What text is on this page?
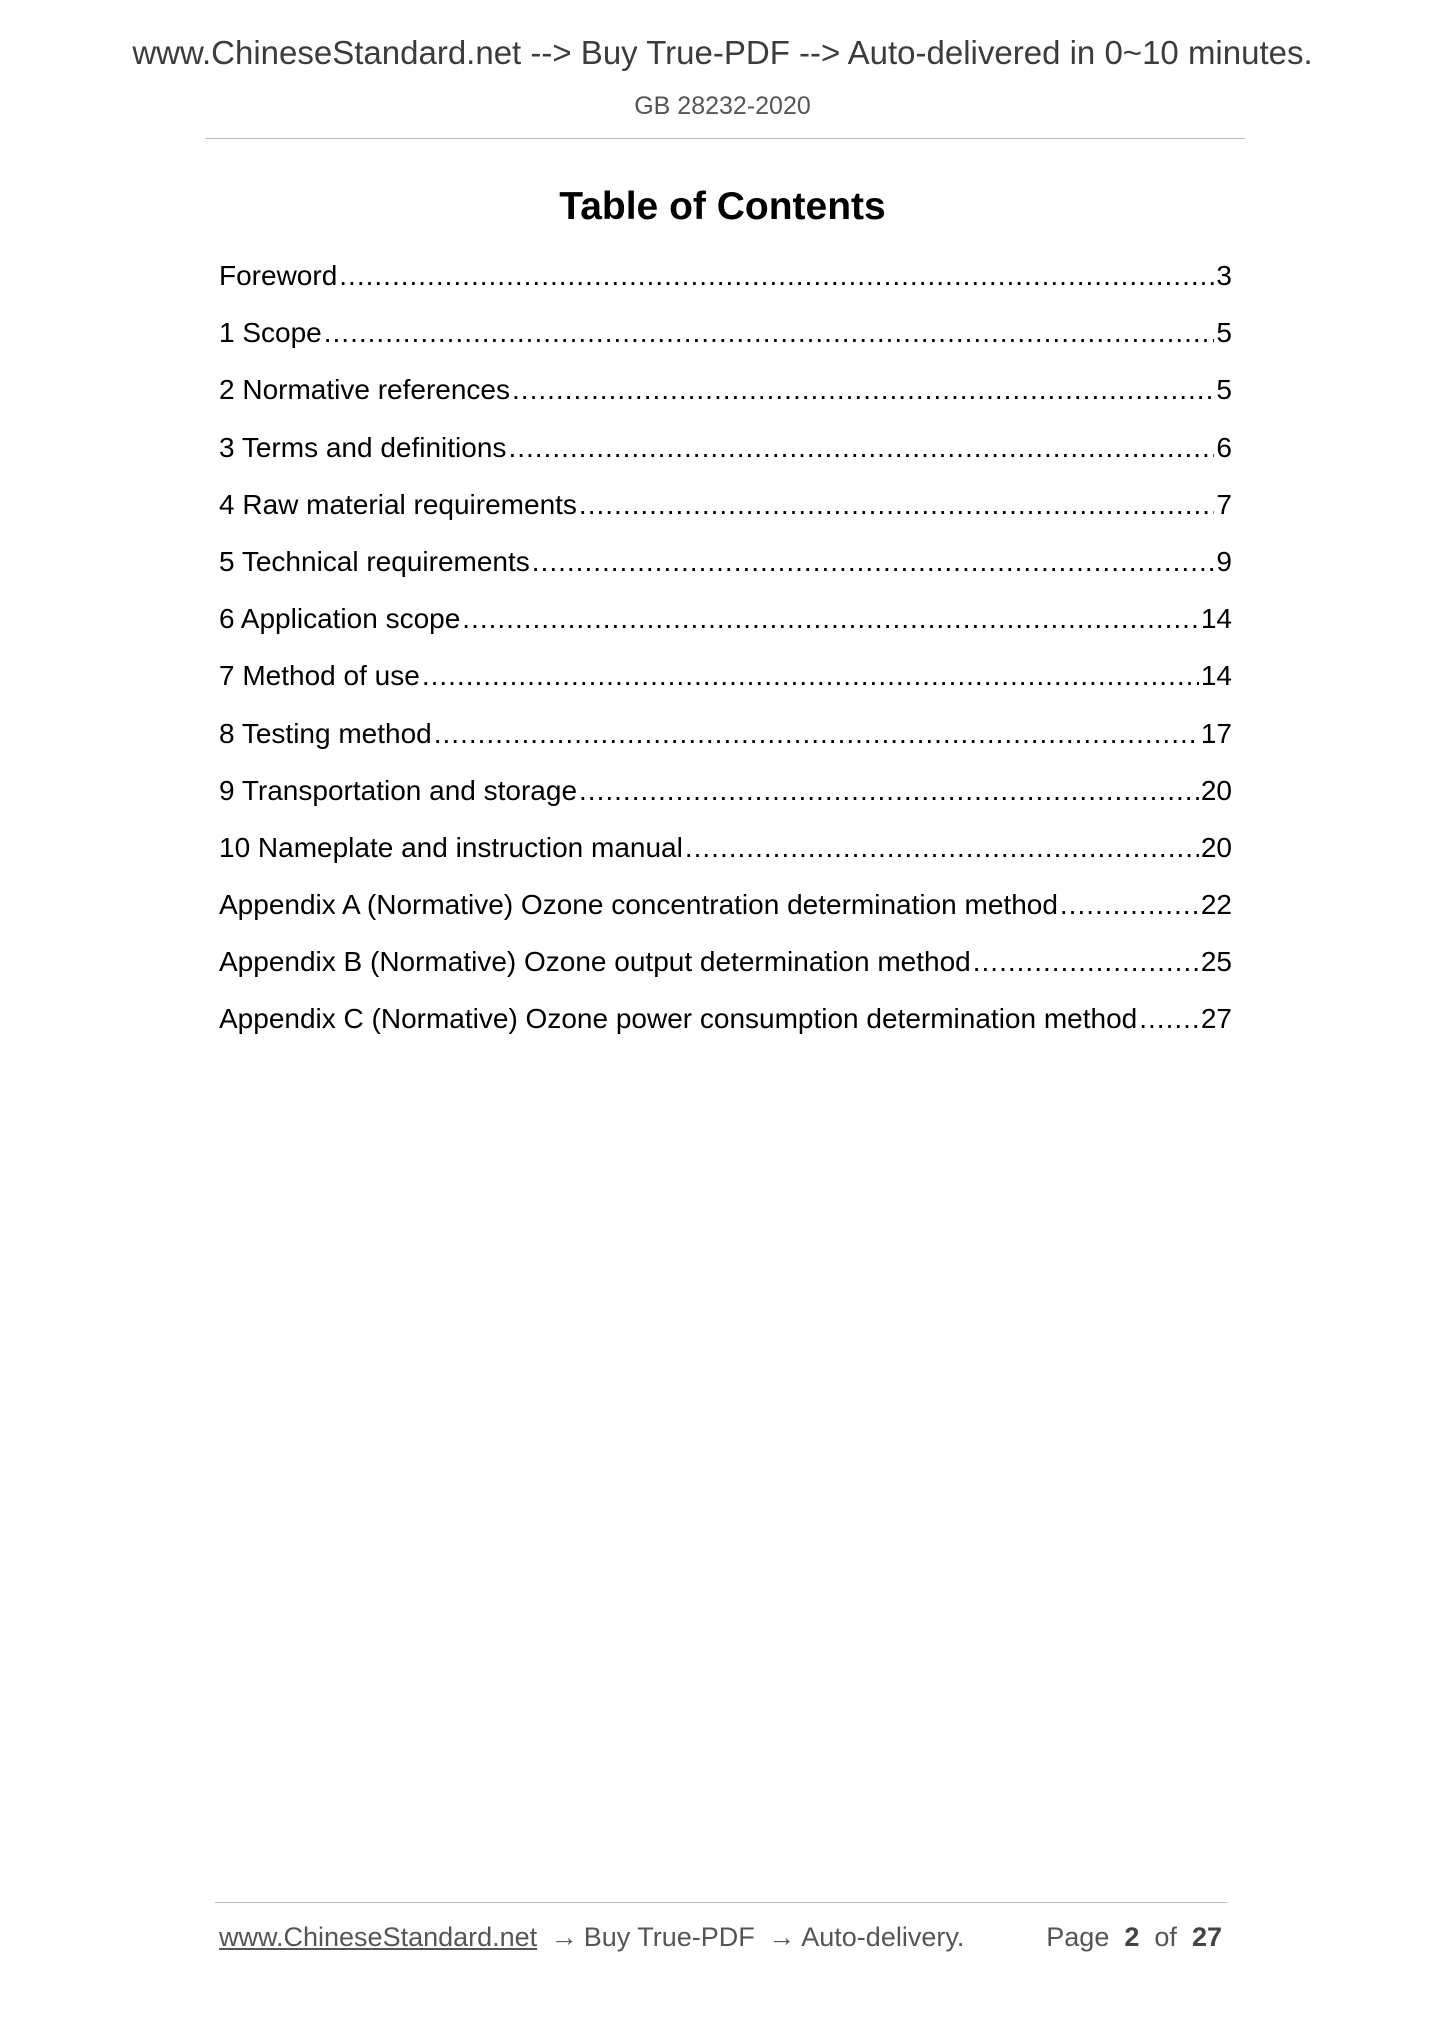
www.ChineseStandard.net --> Buy True-PDF --> Auto-delivered in 0~10 minutes.
GB 28232-2020
Table of Contents
Foreword .....	3
1 Scope .....	5
2 Normative references .....	5
3 Terms and definitions .....	6
4 Raw material requirements .....	7
5 Technical requirements .....	9
6 Application scope .....	14
7 Method of use .....	14
8 Testing method .....	17
9 Transportation and storage .....	20
10 Nameplate and instruction manual .....	20
Appendix A (Normative) Ozone concentration determination method .....	22
Appendix B (Normative) Ozone output determination method .....	25
Appendix C (Normative) Ozone power consumption determination method ..... 27
www.ChineseStandard.net → Buy True-PDF → Auto-delivery.	Page 2 of 27
